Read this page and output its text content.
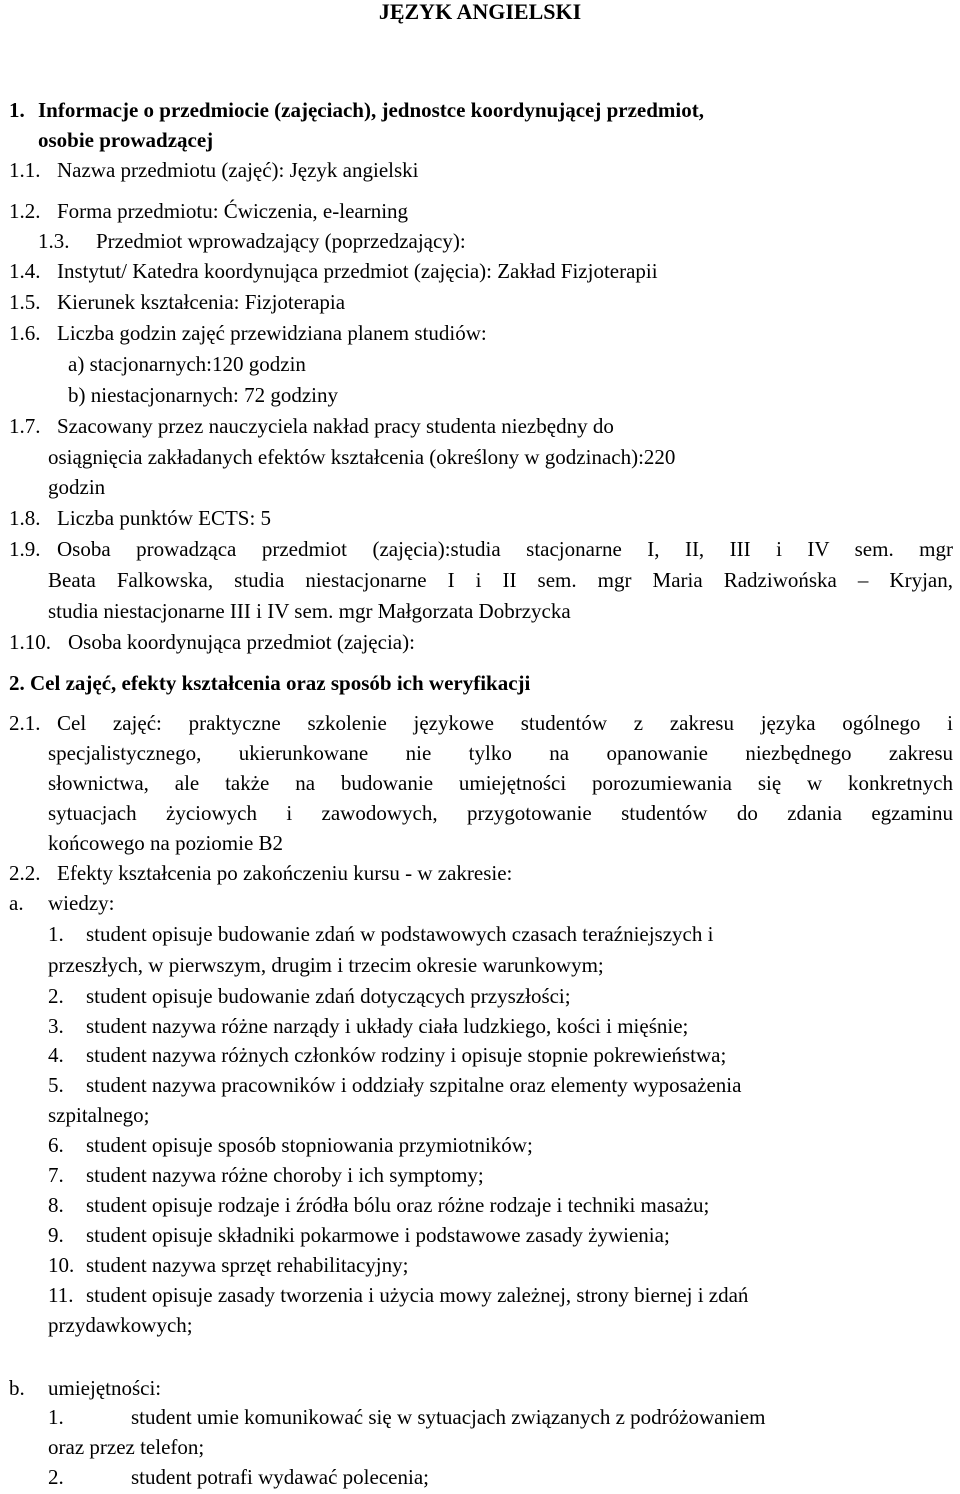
JĘZYK ANGIELSKI
1. Informacje o przedmiocie (zajęciach), jednostce koordynującej przedmiot,
osobie prowadzącej
1.1. Nazwa przedmiotu (zajęć): Język angielski
1.2. Forma przedmiotu: Ćwiczenia, e-learning
1.3. Przedmiot wprowadzający (poprzedzający):
1.4. Instytut/ Katedra koordynująca przedmiot (zajęcia): Zakład Fizjoterapii
1.5. Kierunek kształcenia: Fizjoterapia
1.6. Liczba godzin zajęć przewidziana planem studiów:
a) stacjonarnych:120 godzin
b) niestacjonarnych: 72 godziny
1.7. Szacowany przez nauczyciela nakład pracy studenta niezbędny do
osiągnięcia zakładanych efektów kształcenia (określony w godzinach):220
godzin
1.8. Liczba punktów ECTS: 5
1.9. Osoba prowadząca przedmiot (zajęcia):studia stacjonarne I, II, III i IV sem. mgr
Beata Falkowska, studia niestacjonarne I i II sem. mgr Maria Radziwońska – Kryjan,
studia niestacjonarne III i IV sem. mgr Małgorzata Dobrzycka
1.10. Osoba koordynująca przedmiot (zajęcia):
2. Cel zajęć, efekty kształcenia oraz sposób ich weryfikacji
2.1. Cel zajęć: praktyczne szkolenie językowe studentów z zakresu języka ogólnego i
specjalistycznego, ukierunkowane nie tylko na opanowanie niezbędnego zakresu
słownictwa, ale także na budowanie umiejętności porozumiewania się w konkretnych
sytuacjach życiowych i zawodowych, przygotowanie studentów do zdania egzaminu
końcowego na poziomie B2
2.2. Efekty kształcenia po zakończeniu kursu - w zakresie:
a. wiedzy:
1. student opisuje budowanie zdań w podstawowych czasach teraźniejszych i
przeszłych, w pierwszym, drugim i trzecim okresie warunkowym;
2. student opisuje budowanie zdań dotyczących przyszłości;
3. student nazywa różne narządy i układy ciała ludzkiego, kości i mięśnie;
4. student nazywa różnych członków rodziny i opisuje stopnie pokrewieństwa;
5. student nazywa pracowników i oddziały szpitalne oraz elementy wyposażenia
szpitalnego;
6. student opisuje sposób stopniowania przymiotników;
7. student nazywa różne choroby i ich symptomy;
8. student opisuje rodzaje i źródła bólu oraz różne rodzaje i techniki masażu;
9. student opisuje składniki pokarmowe i podstawowe zasady żywienia;
10. student nazywa sprzęt rehabilitacyjny;
11. student opisuje zasady tworzenia i użycia mowy zależnej, strony biernej i zdań
przydawkowych;
b. umiejętności:
1.	student umie komunikować się w sytuacjach związanych z podróżowaniem
oraz przez telefon;
2.	student potrafi wydawać polecenia;
